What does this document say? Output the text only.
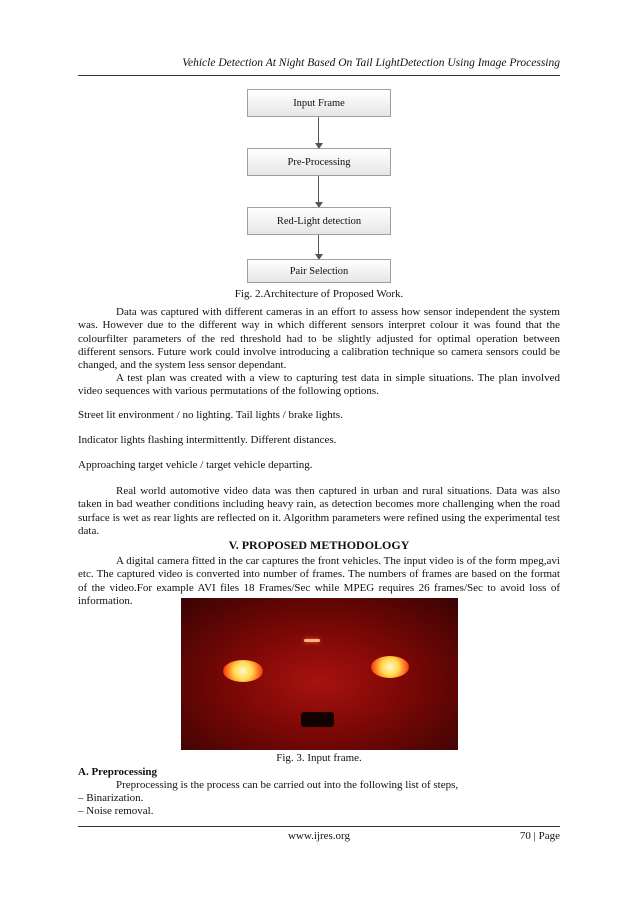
Vehicle Detection At Night Based On Tail LightDetection Using Image Processing
Input Frame
Pre-Processing
Red-Light detection
Pair Selection
Fig. 2.Architecture of Proposed Work.

Data was captured with different cameras in an effort to assess how sensor independent the system was. However due to the different way in which different sensors interpret colour it was found that the colourfilter parameters of the red threshold had to be slightly adjusted for optimal operation between different sensors. Future work could involve introducing a calibration technique so camera sensors could be changed, and the system less sensor dependant.

A test plan was created with a view to capturing test data in simple situations. The plan involved video sequences with various permutations of the following options.

Street lit environment / no lighting. Tail lights / brake lights.

Indicator lights flashing intermittently. Different distances.

Approaching target vehicle / target vehicle departing.

Real world automotive video data was then captured in urban and rural situations. Data was also taken in bad weather conditions including heavy rain, as detection becomes more challenging when the road surface is wet as rear lights are reflected on it. Algorithm parameters were refined using the experimental test data.

V. PROPOSED METHODOLOGY

A digital camera fitted in the car captures the front vehicles. The input video is of the form mpeg,avi etc. The captured video is converted into number of frames. The numbers of frames are based on the format of the video.For example AVI files 18 Frames/Sec while MPEG requires 26 frames/Sec to avoid loss of information.

Fig. 3. Input frame.
A. Preprocessing

Preprocessing is the process can be carried out into the following list of steps,

– Binarization.

– Noise removal.

www.ijres.org	70 | Page
